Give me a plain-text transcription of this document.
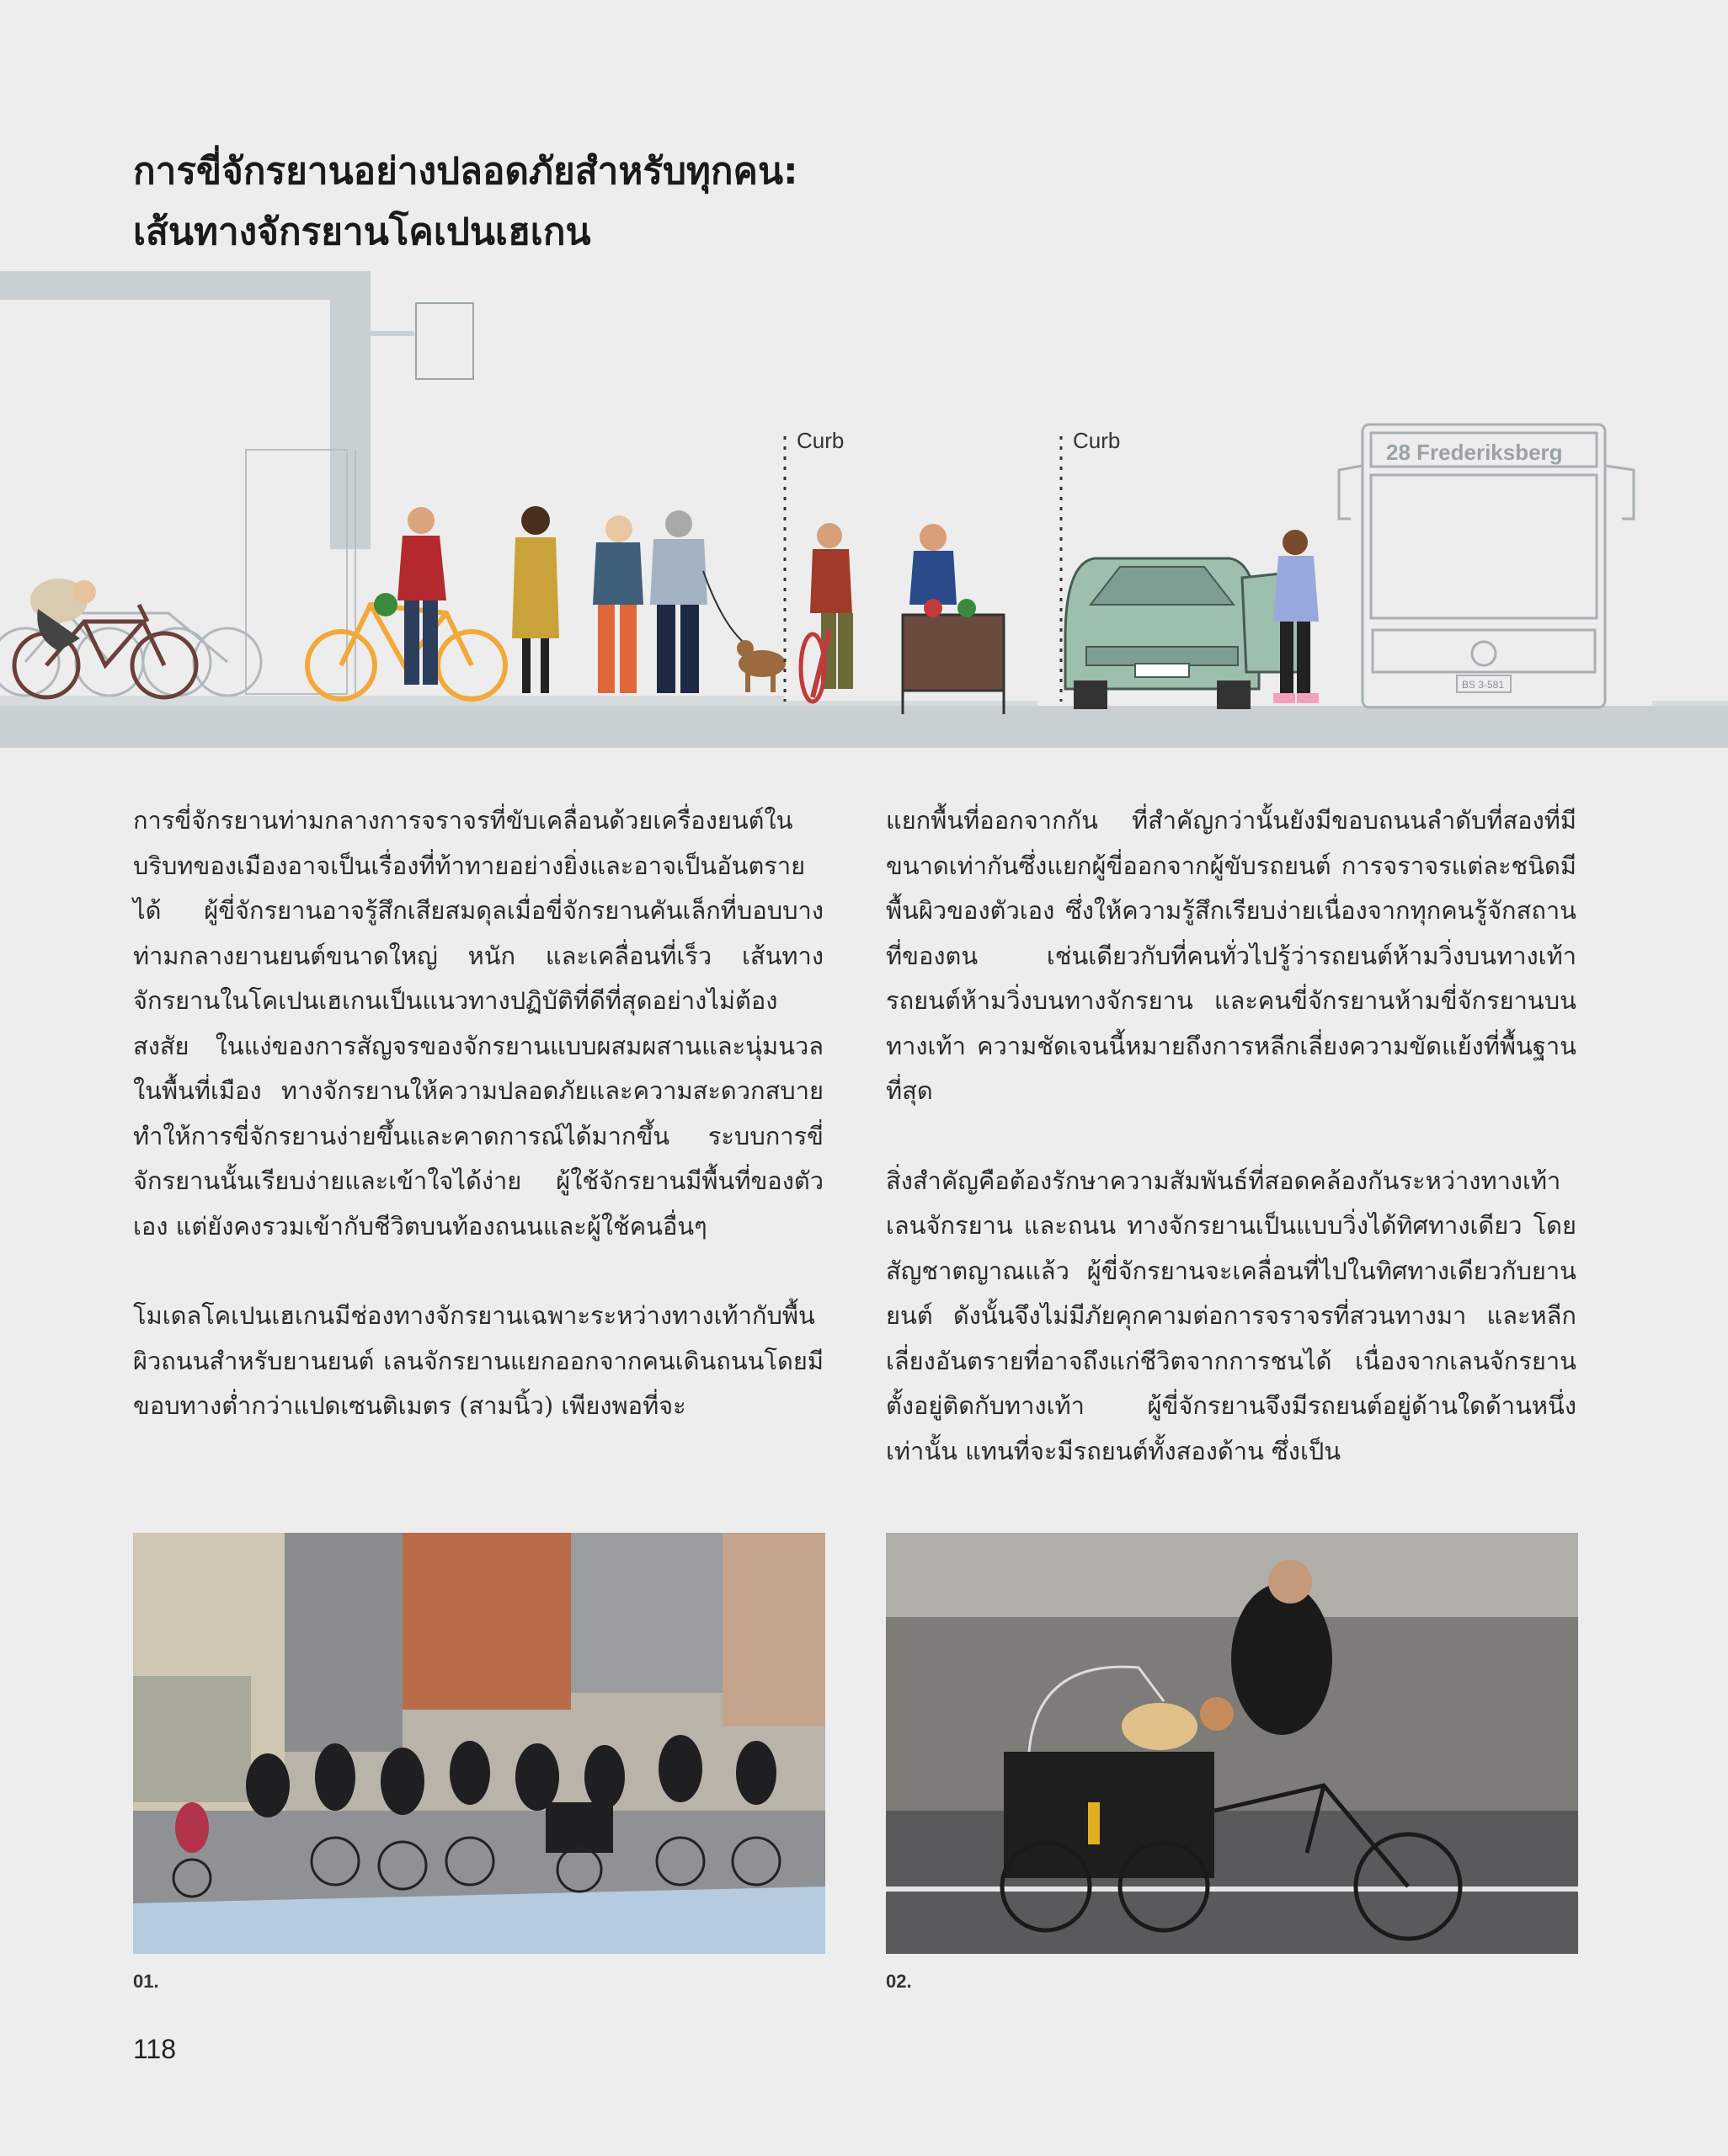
การขี่จักรยานอย่างปลอดภัยสำหรับทุกคน:
เส้นทางจักรยานโคเปนเฮเกน
Curb	Curb	28 Frederiksberg
BS 3-581

การขี่จักรยานท่ามกลางการจราจรที่ขับเคลื่อนด้วยเครื่องยนต์ในบริบทของเมืองอาจเป็นเรื่องที่ท้าทายอย่างยิ่งและอาจเป็นอันตรายได้ ผู้ขี่จักรยานอาจรู้สึกเสียสมดุลเมื่อขี่จักรยานคันเล็กที่บอบบางท่ามกลางยานยนต์ขนาดใหญ่ หนัก และเคลื่อนที่เร็ว เส้นทางจักรยานในโคเปนเฮเกนเป็นแนวทางปฏิบัติที่ดีที่สุดอย่างไม่ต้องสงสัย ในแง่ของการสัญจรของจักรยานแบบผสมผสานและนุ่มนวลในพื้นที่เมือง ทางจักรยานให้ความปลอดภัยและความสะดวกสบาย ทำให้การขี่จักรยานง่ายขึ้นและคาดการณ์ได้มากขึ้น ระบบการขี่จักรยานนั้นเรียบง่ายและเข้าใจได้ง่าย ผู้ใช้จักรยานมีพื้นที่ของตัวเอง แต่ยังคงรวมเข้ากับชีวิตบนท้องถนนและผู้ใช้คนอื่นๆ

โมเดลโคเปนเฮเกนมีช่องทางจักรยานเฉพาะระหว่างทางเท้ากับพื้นผิวถนนสำหรับยานยนต์ เลนจักรยานแยกออกจากคนเดินถนนโดยมีขอบทางต่ำกว่าแปดเซนติเมตร (สามนิ้ว) เพียงพอที่จะ

แยกพื้นที่ออกจากกัน ที่สำคัญกว่านั้นยังมีขอบถนนลำดับที่สองที่มีขนาดเท่ากันซึ่งแยกผู้ขี่ออกจากผู้ขับรถยนต์ การจราจรแต่ละชนิดมีพื้นผิวของตัวเอง ซึ่งให้ความรู้สึกเรียบง่ายเนื่องจากทุกคนรู้จักสถานที่ของตน เช่นเดียวกับที่คนทั่วไปรู้ว่ารถยนต์ห้ามวิ่งบนทางเท้า รถยนต์ห้ามวิ่งบนทางจักรยาน และคนขี่จักรยานห้ามขี่จักรยานบนทางเท้า ความชัดเจนนี้หมายถึงการหลีกเลี่ยงความขัดแย้งที่พื้นฐานที่สุด

สิ่งสำคัญคือต้องรักษาความสัมพันธ์ที่สอดคล้องกันระหว่างทางเท้า เลนจักรยาน และถนน ทางจักรยานเป็นแบบวิ่งได้ทิศทางเดียว โดยสัญชาตญาณแล้ว ผู้ขี่จักรยานจะเคลื่อนที่ไปในทิศทางเดียวกับยานยนต์ ดังนั้นจึงไม่มีภัยคุกคามต่อการจราจรที่สวนทางมา และหลีกเลี่ยงอันตรายที่อาจถึงแก่ชีวิตจากการชนได้ เนื่องจากเลนจักรยานตั้งอยู่ติดกับทางเท้า ผู้ขี่จักรยานจึงมีรถยนต์อยู่ด้านใดด้านหนึ่งเท่านั้น แทนที่จะมีรถยนต์ทั้งสองด้าน ซึ่งเป็น

01.	02.
118
